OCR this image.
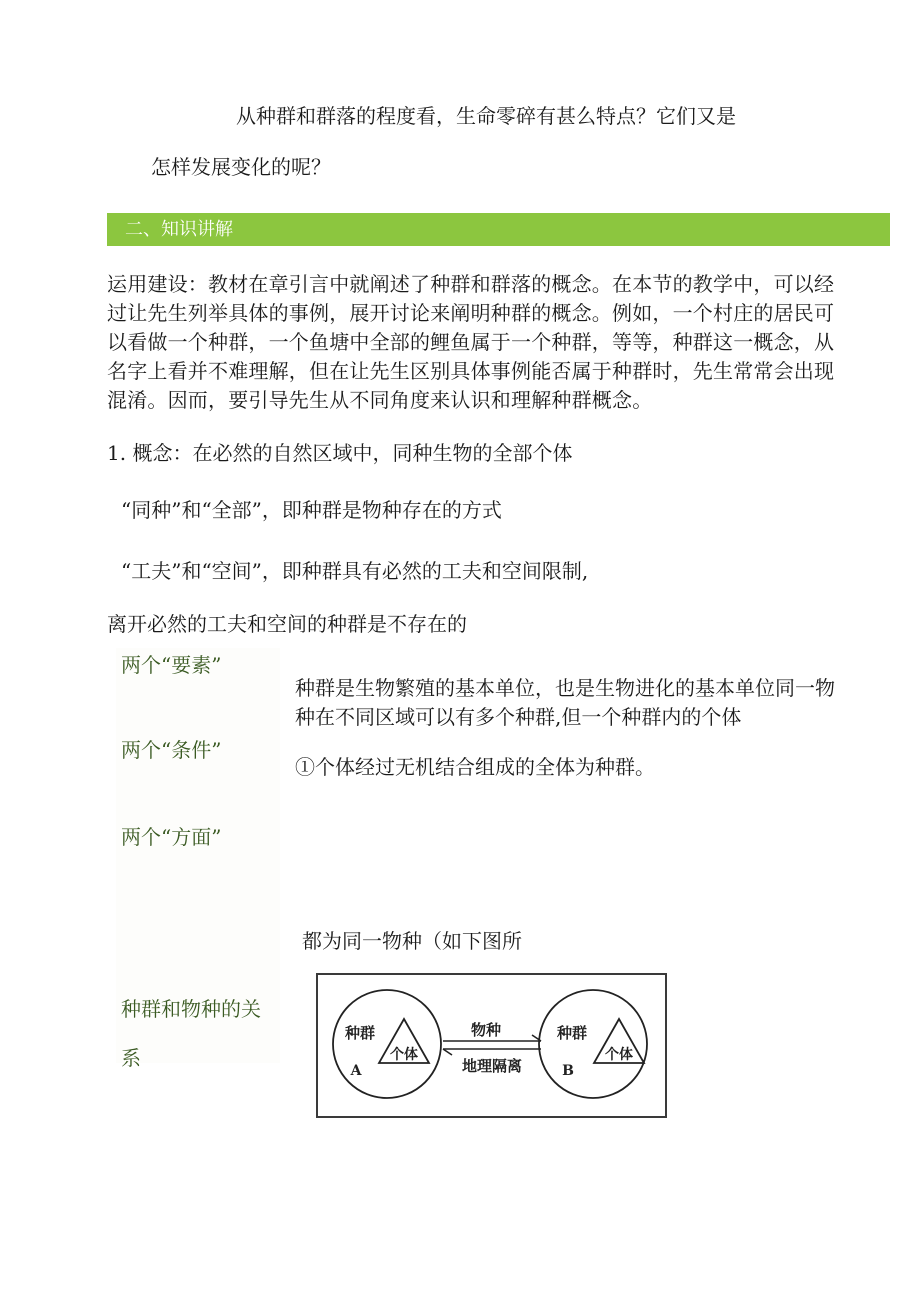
从种群和群落的程度看，生命零碎有甚么特点？它们又是
怎样发展变化的呢？
二、知识讲解
运用建设：教材在章引言中就阐述了种群和群落的概念。在本节的教学中，可以经
过让先生列举具体的事例，展开讨论来阐明种群的概念。例如，一个村庄的居民可
以看做一个种群，一个鱼塘中全部的鲤鱼属于一个种群，等等，种群这一概念，从
名字上看并不难理解，但在让先生区别具体事例能否属于种群时，先生常常会出现
混淆。因而，要引导先生从不同角度来认识和理解种群概念。
1. 概念：在必然的自然区域中，同种生物的全部个体
“同种”和“全部”，即种群是物种存在的方式
“工夫”和“空间”，即种群具有必然的工夫和空间限制,
离开必然的工夫和空间的种群是不存在的
两个“要素”
两个“条件”
两个“方面”
种群和物种的关
系
种群是生物繁殖的基本单位，也是生物进化的基本单位同一物
种在不同区域可以有多个种群,但一个种群内的个体
①个体经过无机结合组成的全体为种群。
都为同一物种（如下图所
种群
个体
A
种群
个体
B
物种
地理隔离
